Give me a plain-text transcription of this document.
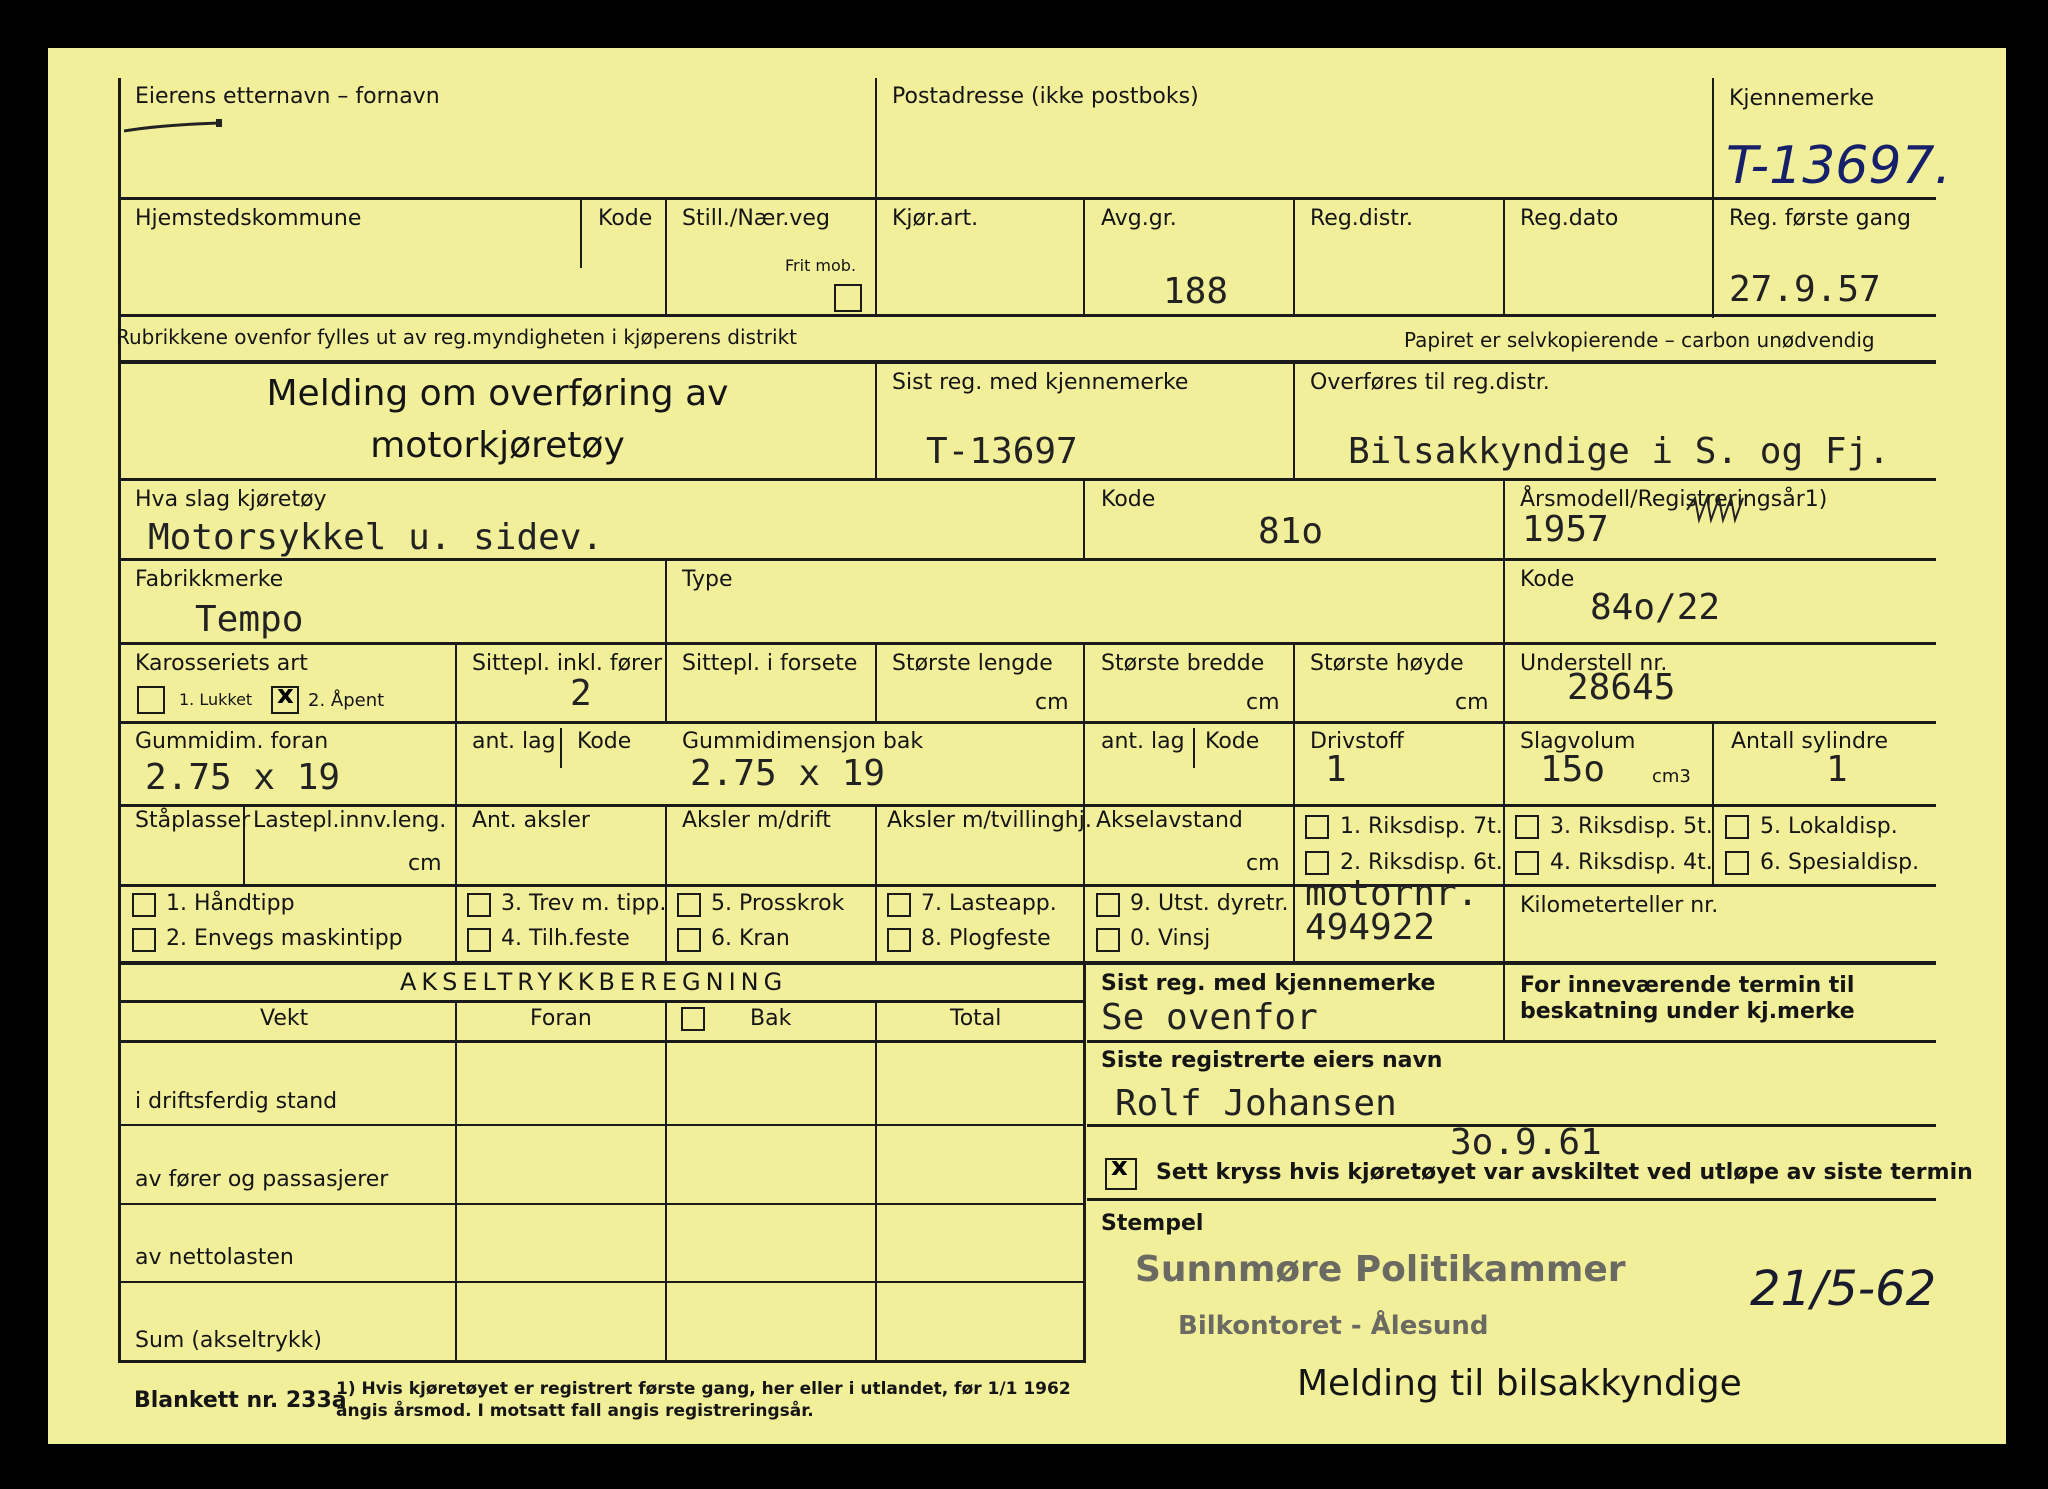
Eierens etternavn – fornavn	Postadresse (ikke postboks)	Kjennemerke
T-13697.
Hjemstedskommune	Kode Still./Nær.veg
Frit mob.
Kjør.art.	Avg.gr.
188
Reg.distr.	Reg.dato	Reg. første gang
27.9.57
Rubrikkene ovenfor fylles ut av reg.myndigheten i kjøperens distrikt	Papiret er selvkopierende – carbon unødvendig
Melding om overføring av
motorkjøretøy
Sist reg. med kjennemerke
T-13697
Overføres til reg.distr.
Bilsakkyndige i S. og Fj.
Hva slag kjøretøy
Motorsykkel u. sidev.
Kode
81o
Årsmodell/Registreringsår1)
1957
Fabrikkmerke
Tempo
Type	Kode
84o/22
Karosseriets art
1. Lukket
x	2. Åpent
Sittepl. inkl. fører
2
Sittepl. i forsete Største lengde
cm
Største bredde
cm
Største høyde
cm
Understell nr.
28645
Gummidim. foran
2.75 x 19
ant. lag Kode Gummidimensjon bak
2.75 x 19
ant. lag Kode Drivstoff
1
Slagvolum
15o	cm3
Antall sylindre
1
Ståplasser Lastepl.innv.leng.
cm
Ant. aksler	Aksler m/drift	Aksler m/tvillinghj. Akselavstand
cm
1. Riksdisp. 7t.
2. Riksdisp. 6t.
3. Riksdisp. 5t.
4. Riksdisp. 4t.
5. Lokaldisp.
6. Spesialdisp.
1. Håndtipp
2. Envegs maskintipp
3. Trev m. tipp.
4. Tilh.feste
5. Prosskrok
6. Kran
7. Lasteapp.
8. Plogfeste
9. Utst. dyretr.
0. Vinsj
motornr.
494922
Kilometerteller nr.
AKSELTRYKKBEREGNING
Vekt	Foran	Bak	Total
i driftsferdig stand
av fører og passasjerer
av nettolasten
Sum (akseltrykk)
Sist reg. med kjennemerke
Se ovenfor
For inneværende termin til beskatning under kj.merke
Siste registrerte eiers navn
Rolf Johansen
3o.9.61
x
Sett kryss hvis kjøretøyet var avskiltet ved utløpe av siste termin
Stempel
Sunnmøre Politikammer
Bilkontoret - Ålesund
21/5-62
Blankett nr. 233a
1) Hvis kjøretøyet er registrert første gang, her eller i utlandet, før 1/1 1962 angis årsmod. I motsatt fall angis registreringsår.
Melding til bilsakkyndige
